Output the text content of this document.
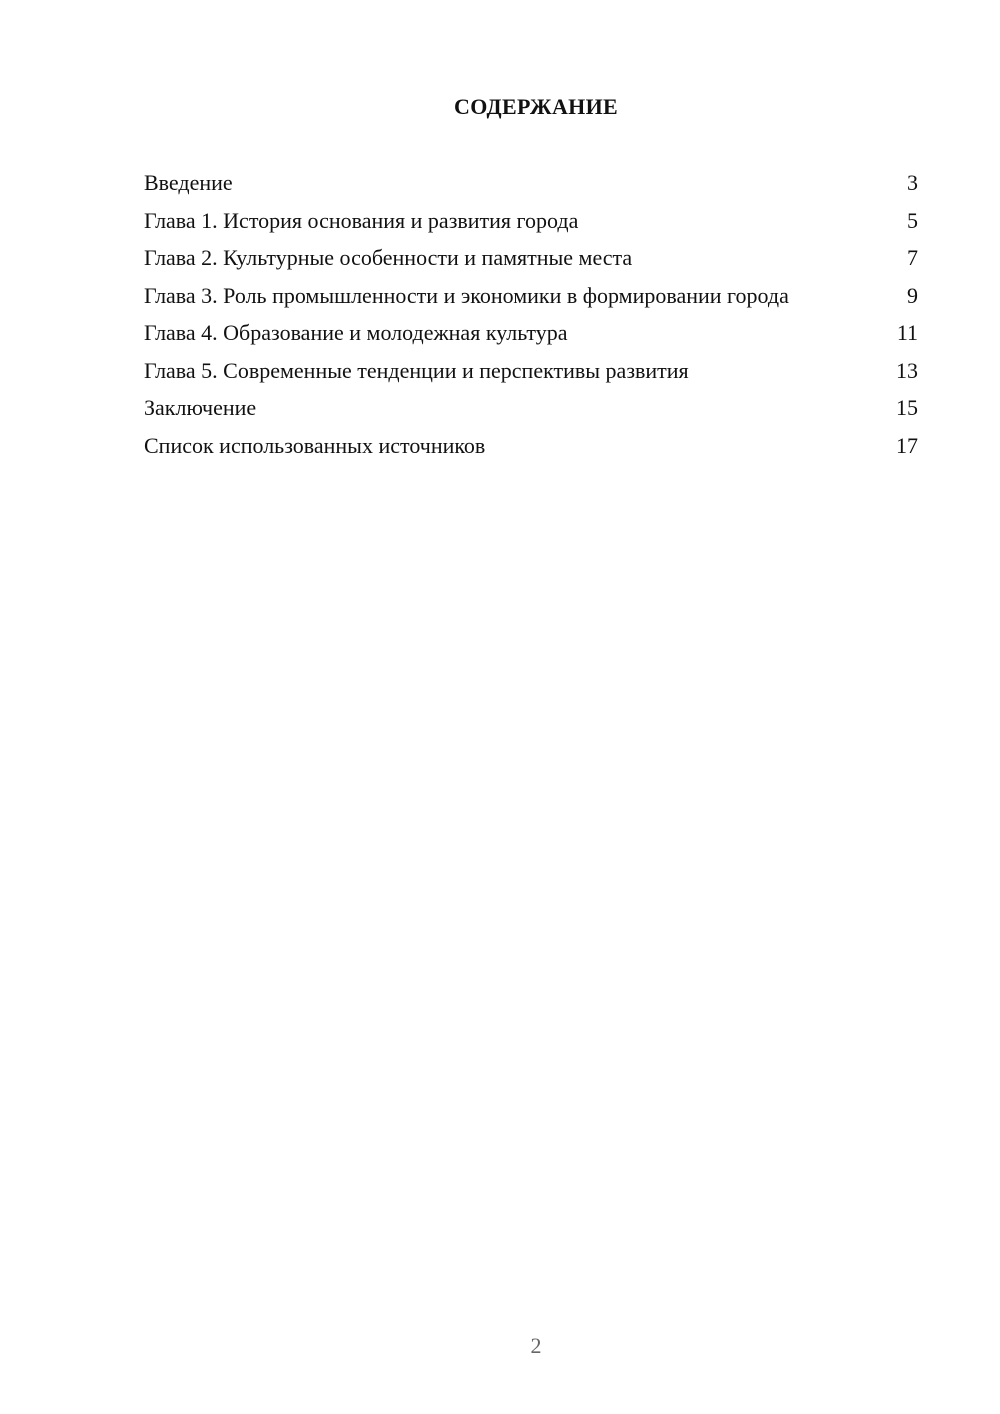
СОДЕРЖАНИЕ
Введение	3
Глава 1. История основания и развития города	5
Глава 2. Культурные особенности и памятные места	7
Глава 3. Роль промышленности и экономики в формировании города	9
Глава 4. Образование и молодежная культура	11
Глава 5. Современные тенденции и перспективы развития	13
Заключение	15
Список использованных источников	17
2
